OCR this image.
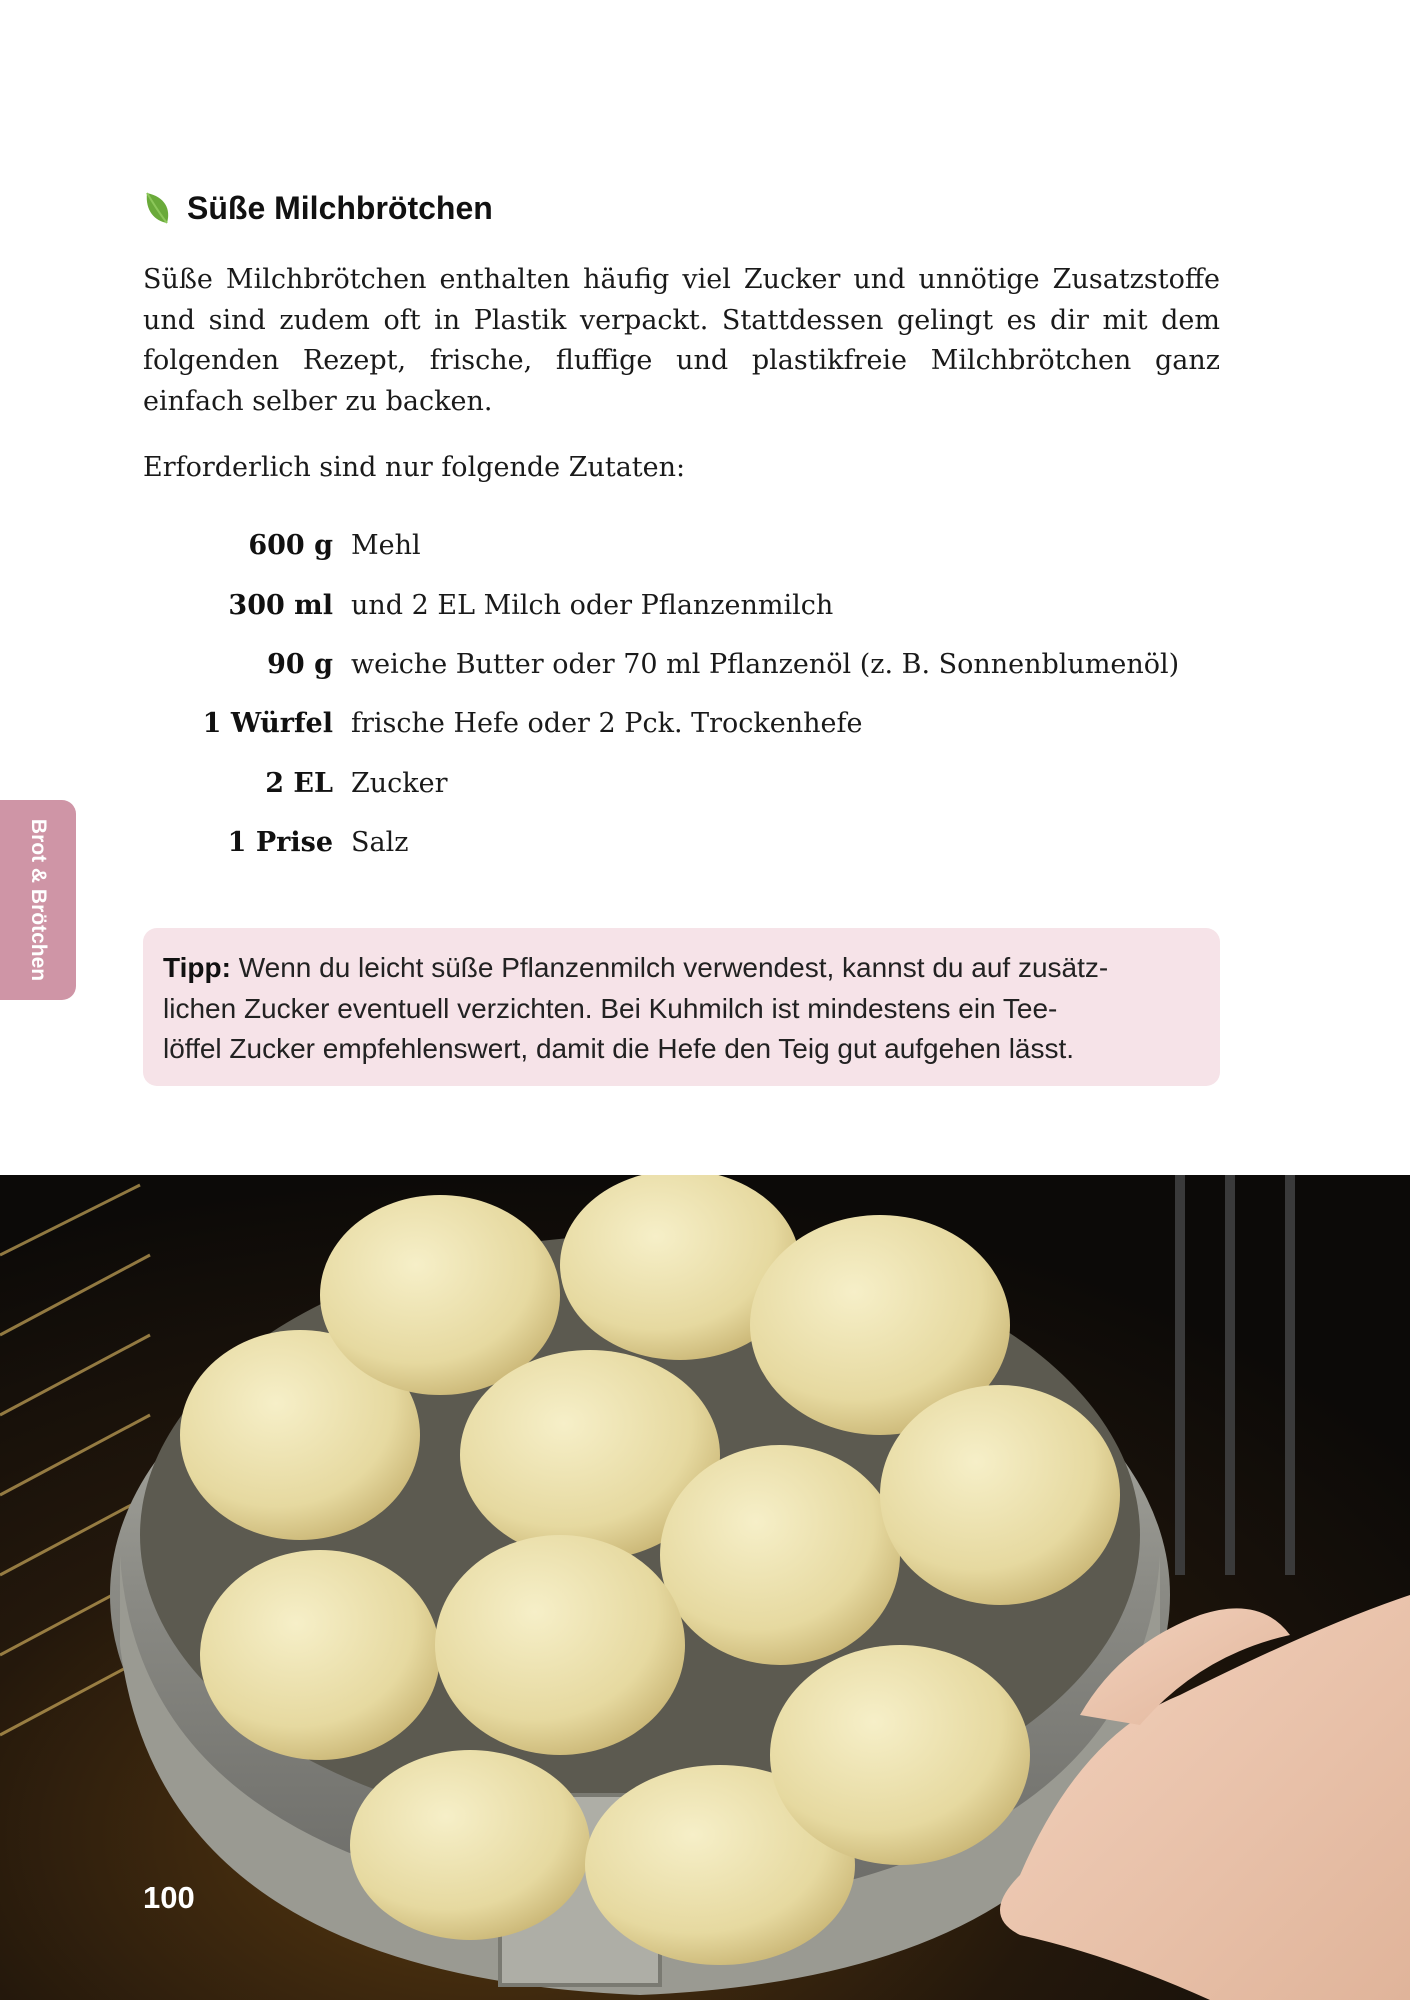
Süße Milchbrötchen

Süße Milchbrötchen enthalten häufig viel Zucker und unnötige Zusatzstoffe und sind zudem oft in Plastik verpackt. Stattdessen gelingt es dir mit dem folgenden Rezept, frische, fluffige und plastikfreie Milchbrötchen ganz einfach selber zu backen.

Erforderlich sind nur folgende Zutaten:

600 g Mehl
300 ml und 2 EL Milch oder Pflanzenmilch
90 g weiche Butter oder 70 ml Pflanzenöl (z. B. Sonnenblumenöl)
1 Würfel frische Hefe oder 2 Pck. Trockenhefe
2 EL Zucker
1 Prise Salz
Brot & Brötchen	Tipp: Wenn du leicht süße Pflanzenmilch verwendest, kannst du auf zusätz-
lichen Zucker eventuell verzichten. Bei Kuhmilch ist mindestens ein Tee-
löffel Zucker empfehlenswert, damit die Hefe den Teig gut aufgehen lässt.
100
